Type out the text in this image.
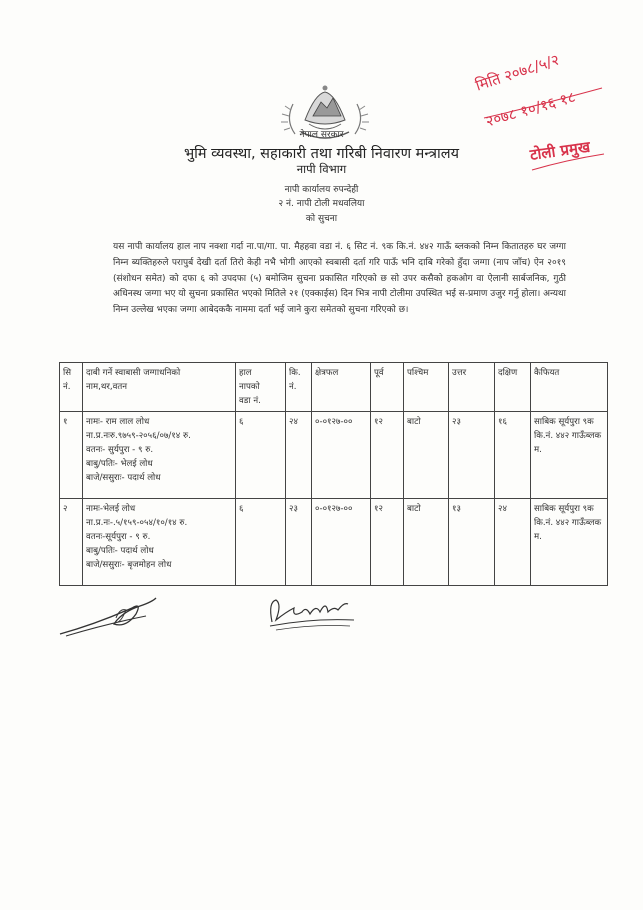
नेपाल सरकार
भुमि व्यवस्था, सहाकारी तथा गरिबी निवारण मन्त्रालय
नापी विभाग
नापी कार्यालय रुपन्देही
२ नं. नापी टोली मधवलिया
को सुचना
मिति २०७८/५/२
२०७८ १०/१६ १८
टोली प्रमुख
यस नापी कार्यालय हाल नाप नक्शा गर्दा ना.पा/गा. पा. मैहहवा वडा नं. ६ सिट नं. ९क कि.नं. ४४२ गाऊँ ब्लकको निम्न कितातहरु घर जग्गा निम्न ब्यक्तिहरुले परापुर्ब देखी दर्ता तिरो केही नभै भोगी आएको स्वबासी दर्ता गरि पाऊँ भनि दाबि गरेको हुँदा जग्गा (नाप जाँच) ऐन २०१९ (संशोधन समेत) को दफा ६ को उपदफा (५) बमोजिम सुचना प्रकासित गरिएको छ सो उपर कसैको हकओग वा ऐलानी सार्बजनिक, गुठी अधिनस्थ जग्गा भए यो सुचना प्रकासित भएको मितिले २१ (एक्काईस) दिन भित्र नापी टोलीमा उपस्थित भई स-प्रमाण उजुर गर्नु होला। अन्यथा निम्न उल्लेख भएका जग्गा आबेदककै नाममा दर्ता भई जाने कुरा समेतको सुचना गरिएको छ।
सि
नं.	दाबी गर्ने स्वाबासी जग्गाधनिको
नाम,थर,वतन	हाल
नापको
वडा नं.	कि.
नं.	क्षेत्रफल	पूर्व	पश्चिम	उत्तर	दक्षिण	कैफियत
१	नामः- राम लाल लोध
ना.प्र.नःरु.९७५९-२०५६/०७/१४ रु.
वतनः- सुर्यपुरा - ९ रु.
बाबु/पतिः- भेलई लोध
बाजे/ससुराः- पदार्थ लोध	६	२४	०-०१२७-००	१२	बाटो	२३	१६	साबिक सूर्यपुरा ९क
कि.नं. ४४२ गाऊँब्लक
म.

२	नामः-भेलई लोध
ना.प्र.नः-.५/१५९-०५४/१०/१४ रु.
वतनः-सूर्यपुरा - ९ रु.
बाबु/पतिः- पदार्थ लोध
बाजे/ससुराः- बृजमोहन लोध	६	२३	०-०१२७-००	१२	बाटो	१३	२४	साबिक सूर्यपुरा ९क
कि.नं. ४४२ गाऊँब्लक
म.
